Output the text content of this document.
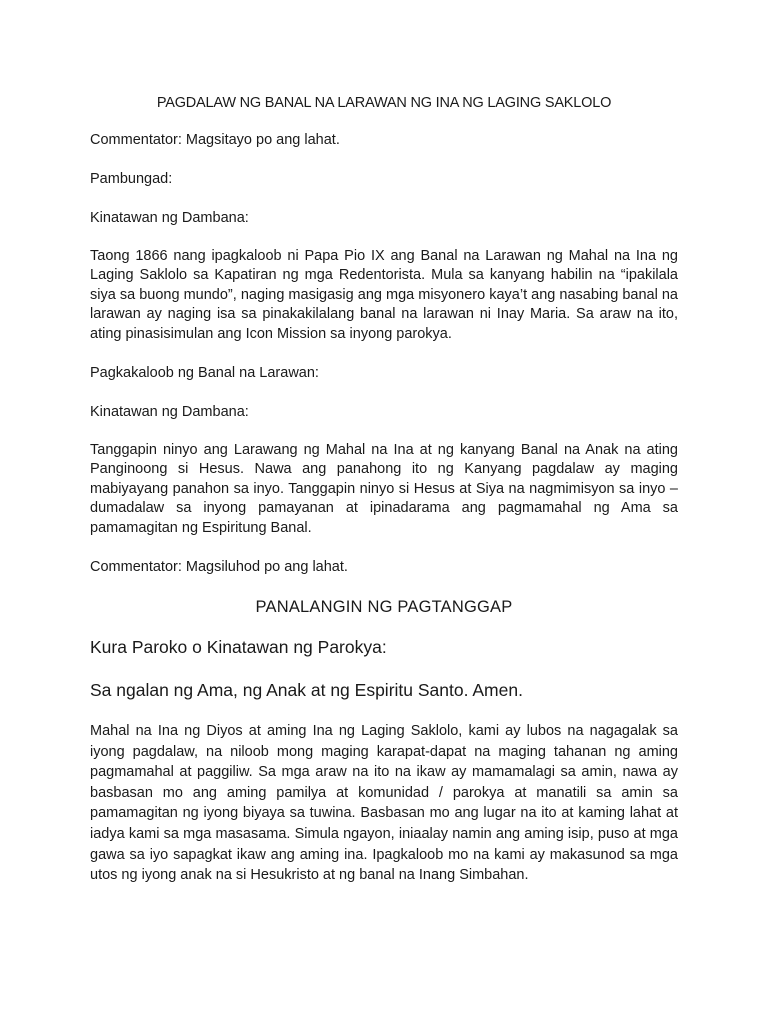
PAGDALAW NG BANAL NA LARAWAN NG INA NG LAGING SAKLOLO
Commentator: Magsitayo po ang lahat.
Pambungad:
Kinatawan ng Dambana:
Taong 1866 nang ipagkaloob ni Papa Pio IX ang Banal na Larawan ng Mahal na Ina ng Laging Saklolo sa Kapatiran ng mga Redentorista. Mula sa kanyang habilin na “ipakilala siya sa buong mundo”, naging masigasig ang mga misyonero kaya’t ang nasabing banal na larawan ay naging isa sa pinakakilalang banal na larawan ni Inay Maria. Sa araw na ito, ating pinasisimulan ang Icon Mission sa inyong parokya.
Pagkakaloob ng Banal na Larawan:
Kinatawan ng Dambana:
Tanggapin ninyo ang Larawang ng Mahal na Ina at ng kanyang Banal na Anak na ating Panginoong si Hesus. Nawa ang panahong ito ng Kanyang pagdalaw ay maging mabiyayang panahon sa inyo. Tanggapin ninyo si Hesus at Siya na nagmimisyon sa inyo – dumadalaw sa inyong pamayanan at ipinadarama ang pagmamahal ng Ama sa pamamagitan ng Espiritung Banal.
Commentator: Magsiluhod po ang lahat.
PANALANGIN NG PAGTANGGAP
Kura Paroko o Kinatawan ng Parokya:
Sa ngalan ng Ama, ng Anak at ng Espiritu Santo. Amen.
Mahal na Ina ng Diyos at aming Ina ng Laging Saklolo, kami ay lubos na nagagalak sa iyong pagdalaw, na niloob mong maging karapat-dapat na maging tahanan ng aming pagmamahal at paggiliw. Sa mga araw na ito na ikaw ay mamamalagi sa amin, nawa ay basbasan mo ang aming pamilya at komunidad / parokya at manatili sa amin sa pamamagitan ng iyong biyaya sa tuwina. Basbasan mo ang lugar na ito at kaming lahat at iadya kami sa mga masasama. Simula ngayon, iniaalay namin ang aming isip, puso at mga gawa sa iyo sapagkat ikaw ang aming ina. Ipagkaloob mo na kami ay makasunod sa mga utos ng iyong anak na si Hesukristo at ng banal na Inang Simbahan.
